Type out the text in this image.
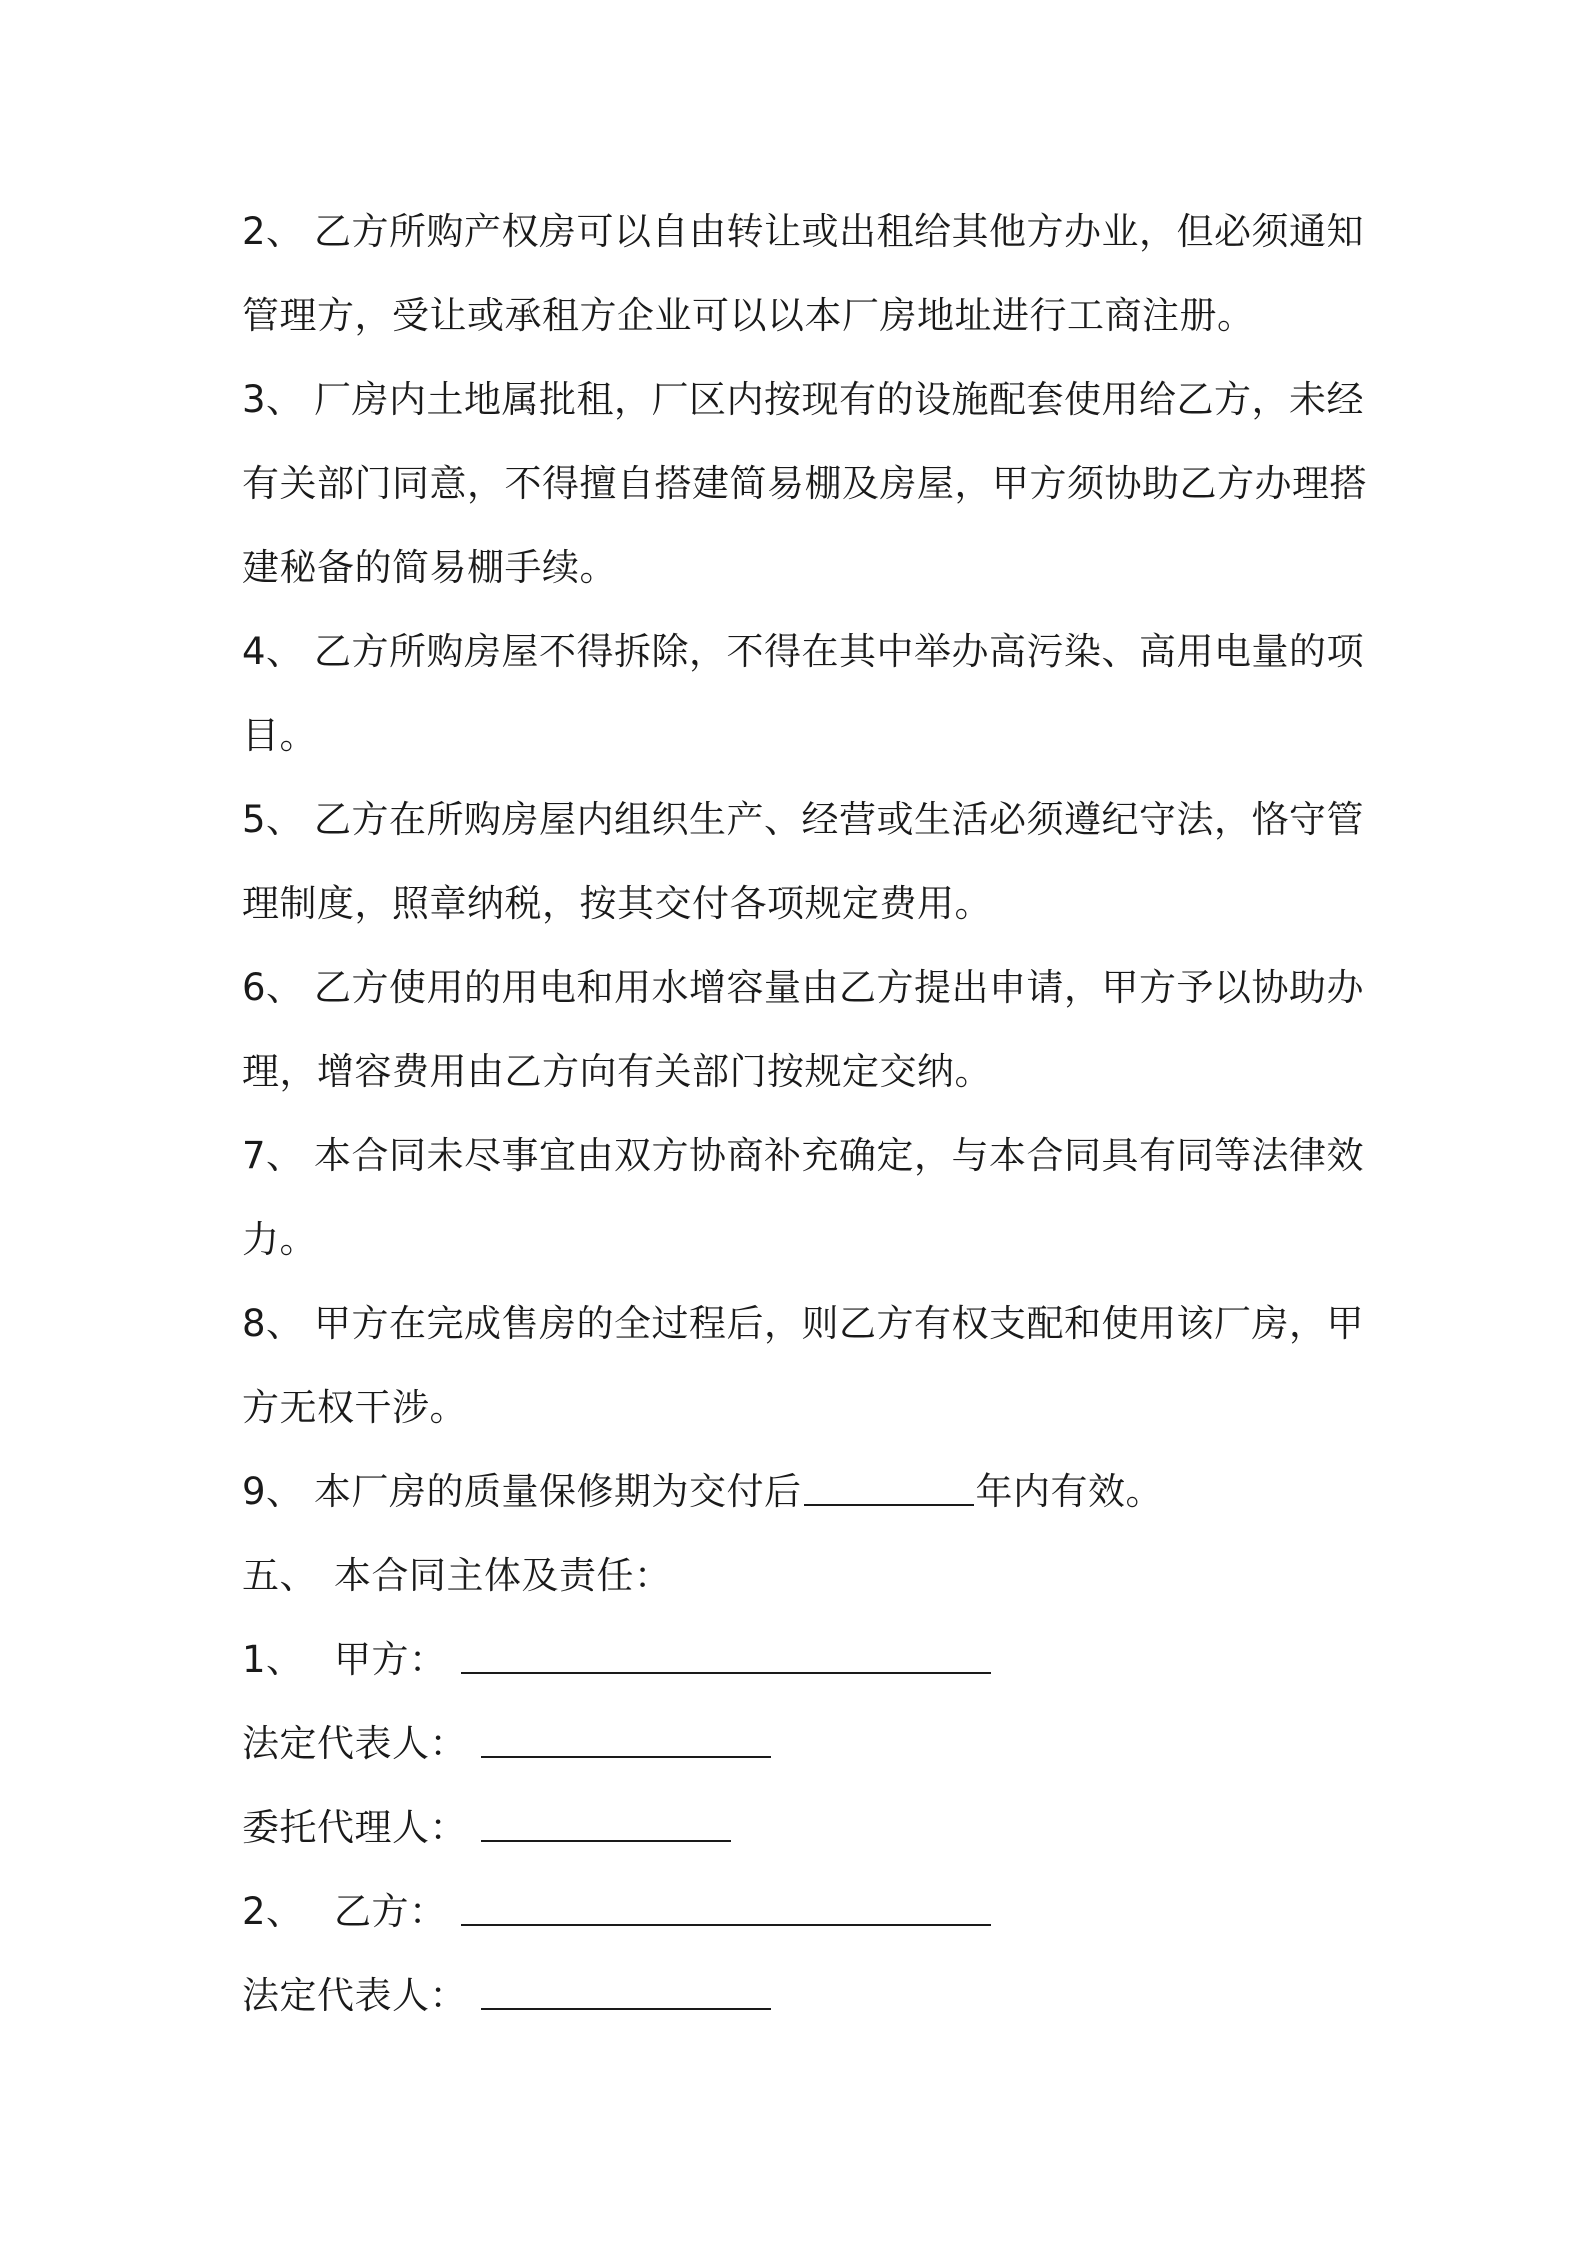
2、 乙方所购产权房可以自由转让或出租给其他方办业，但必须通知
管理方，受让或承租方企业可以以本厂房地址进行工商注册。
3、 厂房内土地属批租，厂区内按现有的设施配套使用给乙方，未经
有关部门同意，不得擅自搭建简易棚及房屋，甲方须协助乙方办理搭
建秘备的简易棚手续。
4、 乙方所购房屋不得拆除，不得在其中举办高污染、高用电量的项
目。
5、 乙方在所购房屋内组织生产、经营或生活必须遵纪守法，恪守管
理制度，照章纳税，按其交付各项规定费用。
6、 乙方使用的用电和用水增容量由乙方提出申请，甲方予以协助办
理，增容费用由乙方向有关部门按规定交纳。
7、 本合同未尽事宜由双方协商补充确定，与本合同具有同等法律效
力。
8、 甲方在完成售房的全过程后，则乙方有权支配和使用该厂房，甲
方无权干涉。
9、 本厂房的质量保修期为交付后	年内有效。
五、 本合同主体及责任：
1、 甲方：
法定代表人：
委托代理人：
2、 乙方：
法定代表人：
